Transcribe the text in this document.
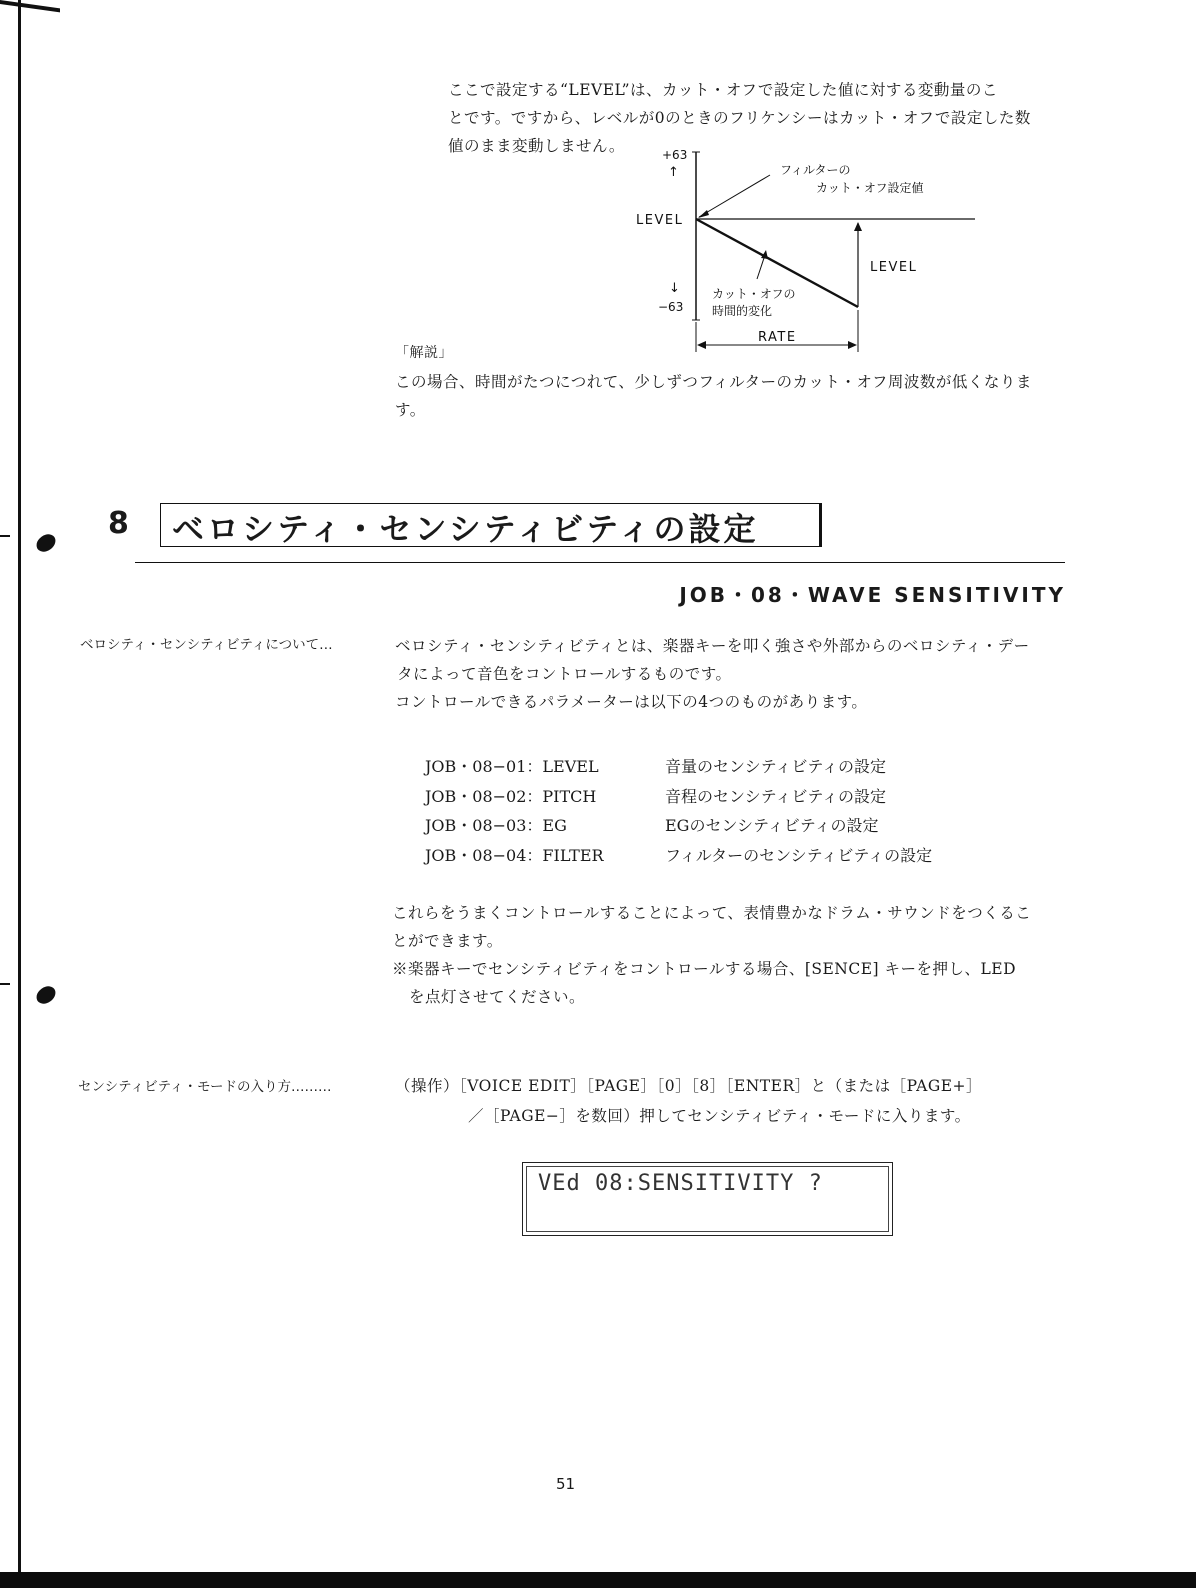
ここで設定する“LEVEL”は、カット・オフで設定した値に対する変動量のこ
とです。ですから、レベルが0のときのフリケンシーはカット・オフで設定した数
値のまま変動しません。	+63
↑
LEVEL
↓
−63
LEVEL
RATE
フィルターの
カット・オフ設定値
カット・オフの
時間的変化
「解説」
この場合、時間がたつにつれて、少しずつフィルターのカット・オフ周波数が低くなりま
す。
8 ベロシティ・センシティビティの設定
JOB・08・WAVE SENSITIVITY
ベロシティ・センシティビティについて…	ベロシティ・センシティビティとは、楽器キーを叩く強さや外部からのベロシティ・デー
タによって音色をコントロールするものです。
コントロールできるパラメーターは以下の4つのものがあります。
JOB・08−01：LEVEL	音量のセンシティビティの設定
JOB・08−02：PITCH	音程のセンシティビティの設定
JOB・08−03：EG	EGのセンシティビティの設定
JOB・08−04：FILTER	フィルターのセンシティビティの設定
これらをうまくコントロールすることによって、表情豊かなドラム・サウンドをつくるこ
とができます。
※楽器キーでセンシティビティをコントロールする場合、[SENCE] キーを押し、LED
を点灯させてください。
センシティビティ・モードの入り方………	（操作）［VOICE EDIT］［PAGE］［0］［8］［ENTER］と（または［PAGE+］
／［PAGE−］を数回）押してセンシティビティ・モードに入ります。
VEd 08:SENSITIVITY ?
51
